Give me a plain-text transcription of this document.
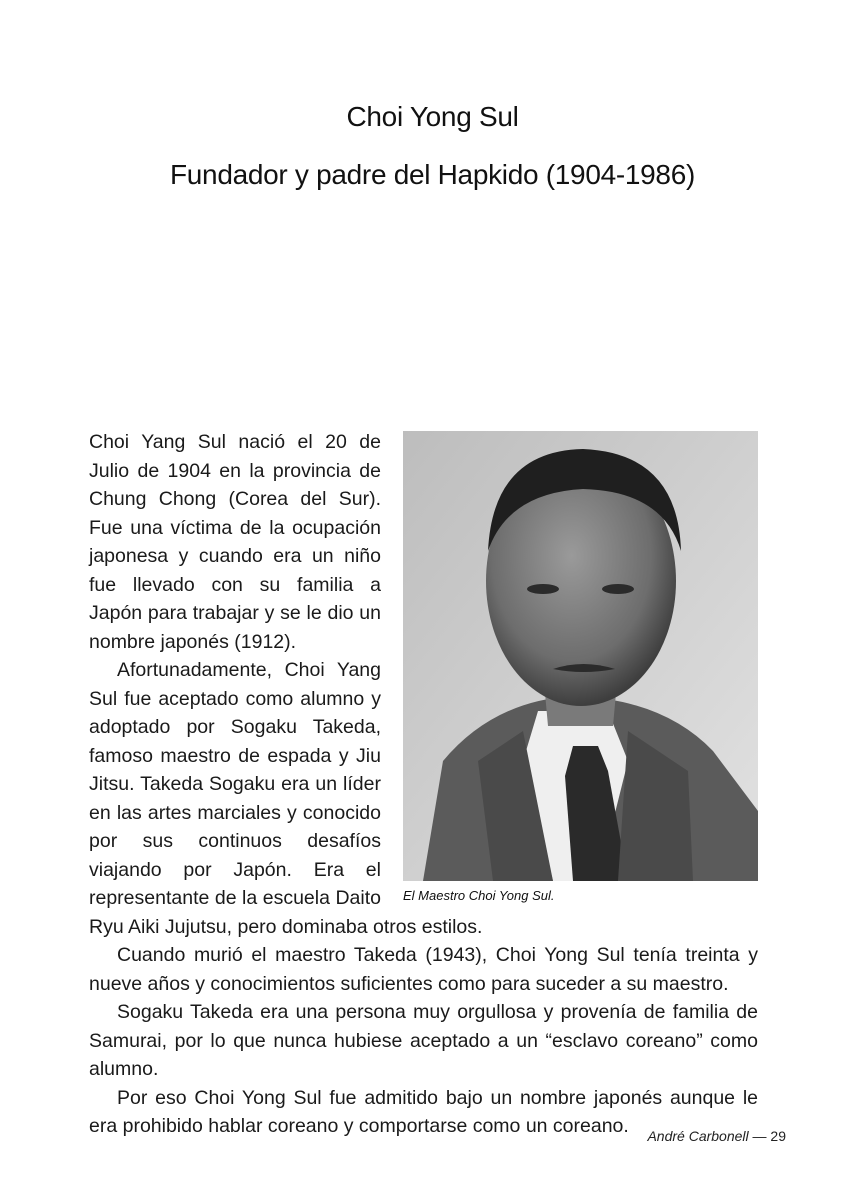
Choi Yong Sul
Fundador y padre del Hapkido (1904-1986)
El Maestro Choi Yong Sul.

Choi Yang Sul nació el 20 de Julio de 1904 en la provincia de Chung Chong (Corea del Sur). Fue una víctima de la ocupación japonesa y cuando era un niño fue llevado con su familia a Japón para trabajar y se le dio un nombre japonés (1912).

Afortunadamente, Choi Yang Sul fue aceptado como alumno y adoptado por Sogaku Takeda, famoso maestro de espada y Jiu Jitsu. Takeda Sogaku era un líder en las artes marciales y conocido por sus continuos desafíos viajando por Japón. Era el representante de la escuela Daito Ryu Aiki Jujutsu, pero dominaba otros estilos.

Cuando murió el maestro Takeda (1943), Choi Yong Sul tenía treinta y nueve años y conocimientos suficientes como para suceder a su maestro.

Sogaku Takeda era una persona muy orgullosa y provenía de familia de Samurai, por lo que nunca hubiese aceptado a un “esclavo coreano” como alumno.

Por eso Choi Yong Sul fue admitido bajo un nombre japonés aunque le era prohibido hablar coreano y comportarse como un coreano.	André Carbonell — 29
